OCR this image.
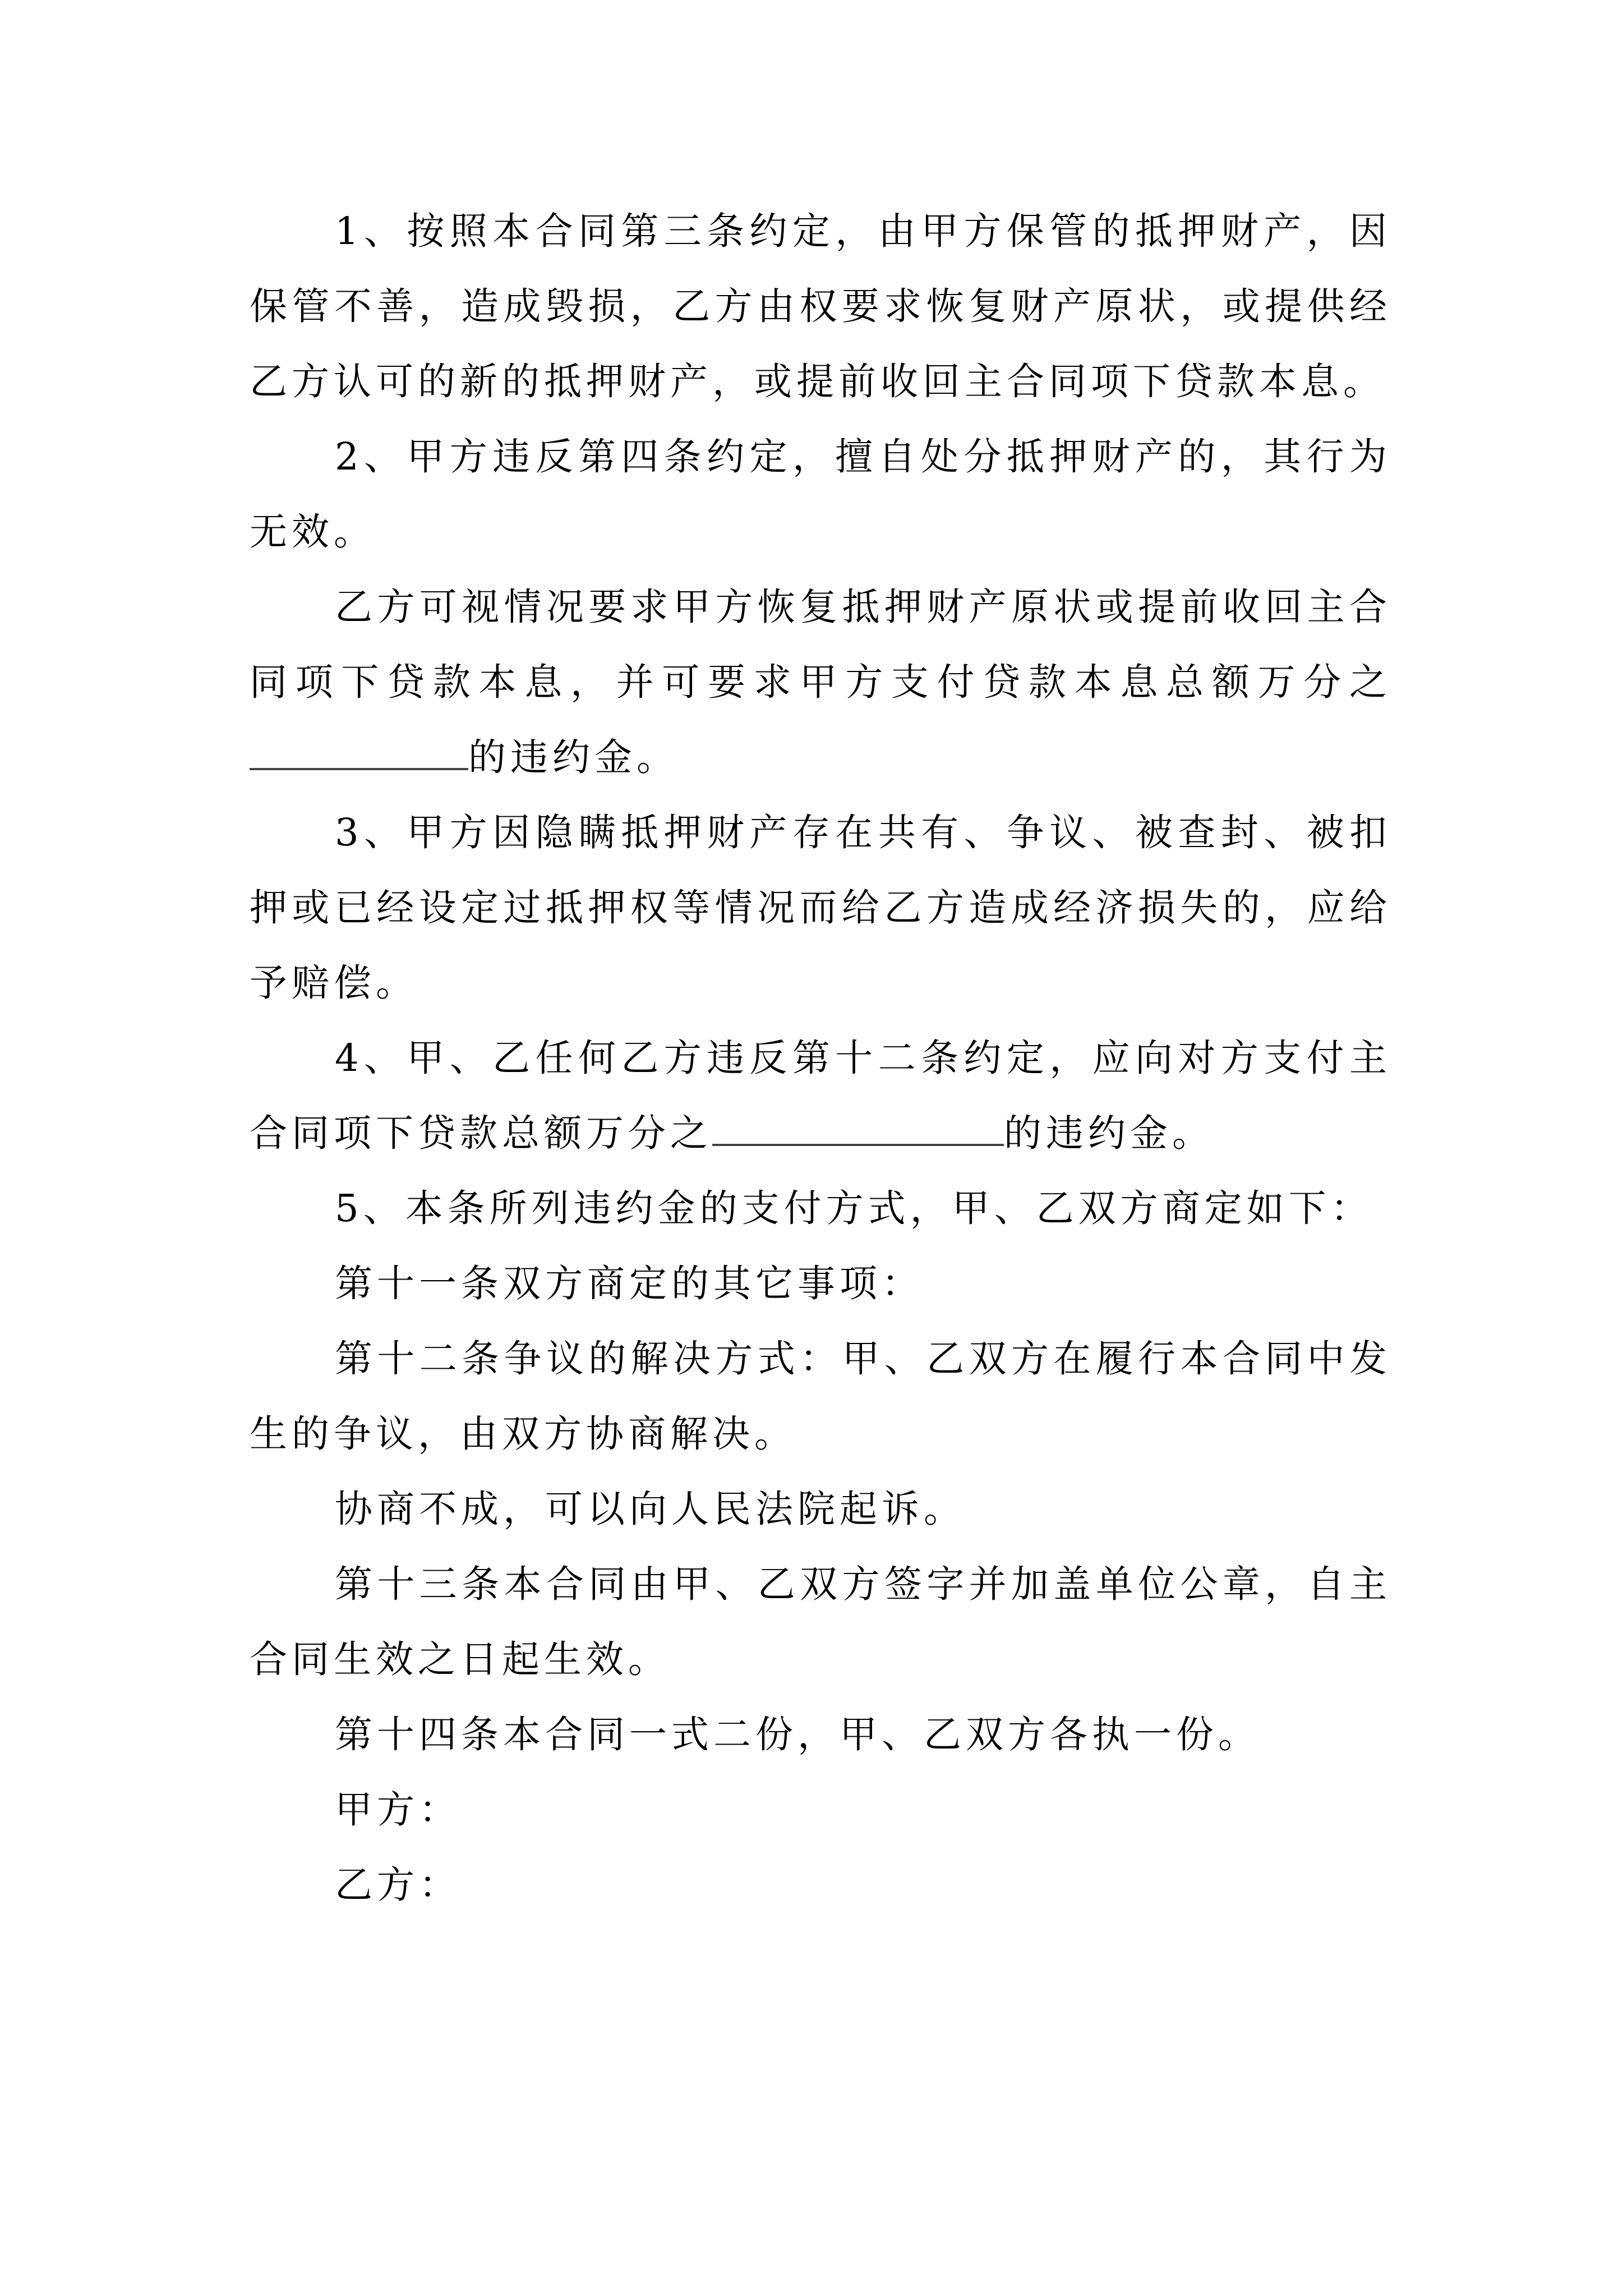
1、按照本合同第三条约定，由甲方保管的抵押财产，因保管不善，造成毁损，乙方由权要求恢复财产原状，或提供经乙方认可的新的抵押财产，或提前收回主合同项下贷款本息。

2、甲方违反第四条约定，擅自处分抵押财产的，其行为无效。

乙方可视情况要求甲方恢复抵押财产原状或提前收回主合同项下贷款本息，并可要求甲方支付贷款本息总额万分之的违约金。

3、甲方因隐瞒抵押财产存在共有、争议、被查封、被扣押或已经设定过抵押权等情况而给乙方造成经济损失的，应给予赔偿。

4、甲、乙任何乙方违反第十二条约定，应向对方支付主合同项下贷款总额万分之	的违约金。

5、本条所列违约金的支付方式，甲、乙双方商定如下：

第十一条双方商定的其它事项：

第十二条争议的解决方式：甲、乙双方在履行本合同中发生的争议，由双方协商解决。

协商不成，可以向人民法院起诉。

第十三条本合同由甲、乙双方签字并加盖单位公章，自主合同生效之日起生效。

第十四条本合同一式二份，甲、乙双方各执一份。

甲方：

乙方：
